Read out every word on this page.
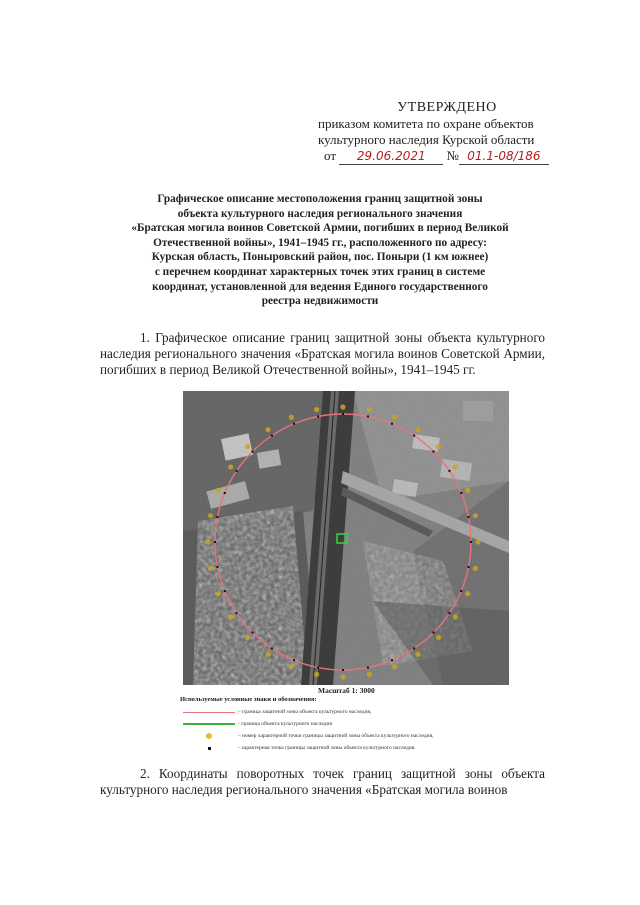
УТВЕРЖДЕНО
приказом комитета по охране объектов
культурного наследия Курской области
от 29.06.2021 № 01.1-08/186
Графическое описание местоположения границ защитной зоны
объекта культурного наследия регионального значения
«Братская могила воинов Советской Армии, погибших в период Великой
Отечественной войны», 1941–1945 гг., расположенного по адресу:
Курская область, Поныровский район, пос. Поныри (1 км южнее)
с перечнем координат характерных точек этих границ в системе
координат, установленной для ведения Единого государственного
реестра недвижимости
1. Графическое описание границ защитной зоны объекта культурного наследия регионального значения «Братская могила воинов Советской Армии, погибших в период Великой Отечественной войны», 1941–1945 гг.
Масштаб 1: 3000
Используемые условные знаки и обозначения:
– граница защитной зоны объекта культурного наследия,
- граница объекта культурного наследия
– номер характерной точки границы защитной зоны объекта культурного наследия,
- характерная точка границы защитной зоны объекта культурного наследия.
2. Координаты поворотных точек границ защитной зоны объекта культурного наследия регионального значения «Братская могила воинов
